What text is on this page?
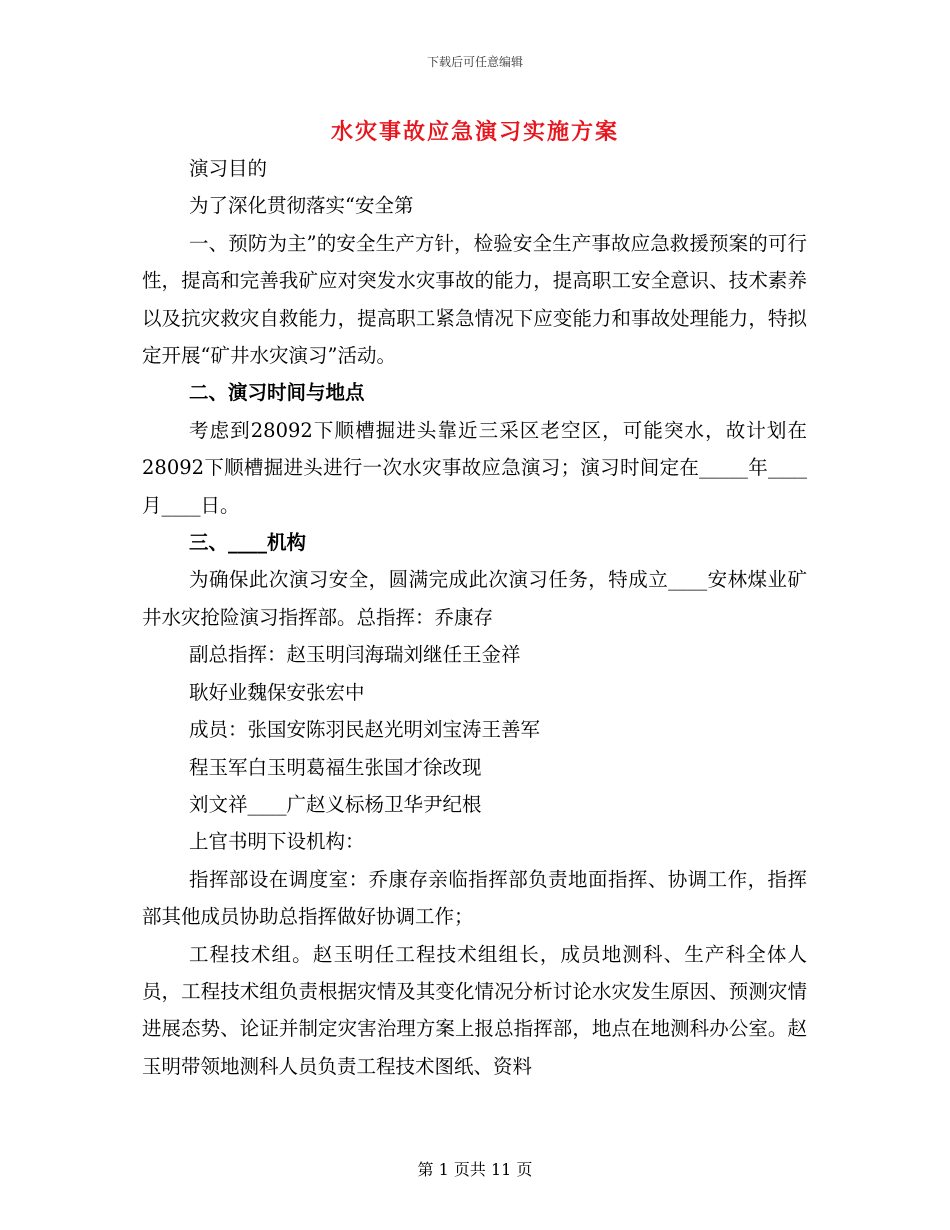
下载后可任意编辑
水灾事故应急演习实施方案

演习目的

为了深化贯彻落实“安全第

一、预防为主”的安全生产方针，检验安全生产事故应急救援预案的可行性，提高和完善我矿应对突发水灾事故的能力，提高职工安全意识、技术素养以及抗灾救灾自救能力，提高职工紧急情况下应变能力和事故处理能力，特拟定开展“矿井水灾演习”活动。

二、演习时间与地点

考虑到28092下顺槽掘进头靠近三采区老空区，可能突水，故计划在28092下顺槽掘进头进行一次水灾事故应急演习；演习时间定在_____年____月____日。

三、____机构

为确保此次演习安全，圆满完成此次演习任务，特成立____安林煤业矿井水灾抢险演习指挥部。总指挥：乔康存

副总指挥：赵玉明闫海瑞刘继任王金祥

耿好业魏保安张宏中

成员：张国安陈羽民赵光明刘宝涛王善军

程玉军白玉明葛福生张国才徐改现

刘文祥____广赵义标杨卫华尹纪根

上官书明下设机构：

指挥部设在调度室：乔康存亲临指挥部负责地面指挥、协调工作，指挥部其他成员协助总指挥做好协调工作；

工程技术组。赵玉明任工程技术组组长，成员地测科、生产科全体人员，工程技术组负责根据灾情及其变化情况分析讨论水灾发生原因、预测灾情进展态势、论证并制定灾害治理方案上报总指挥部，地点在地测科办公室。赵玉明带领地测科人员负责工程技术图纸、资料

第 1 页共 11 页
